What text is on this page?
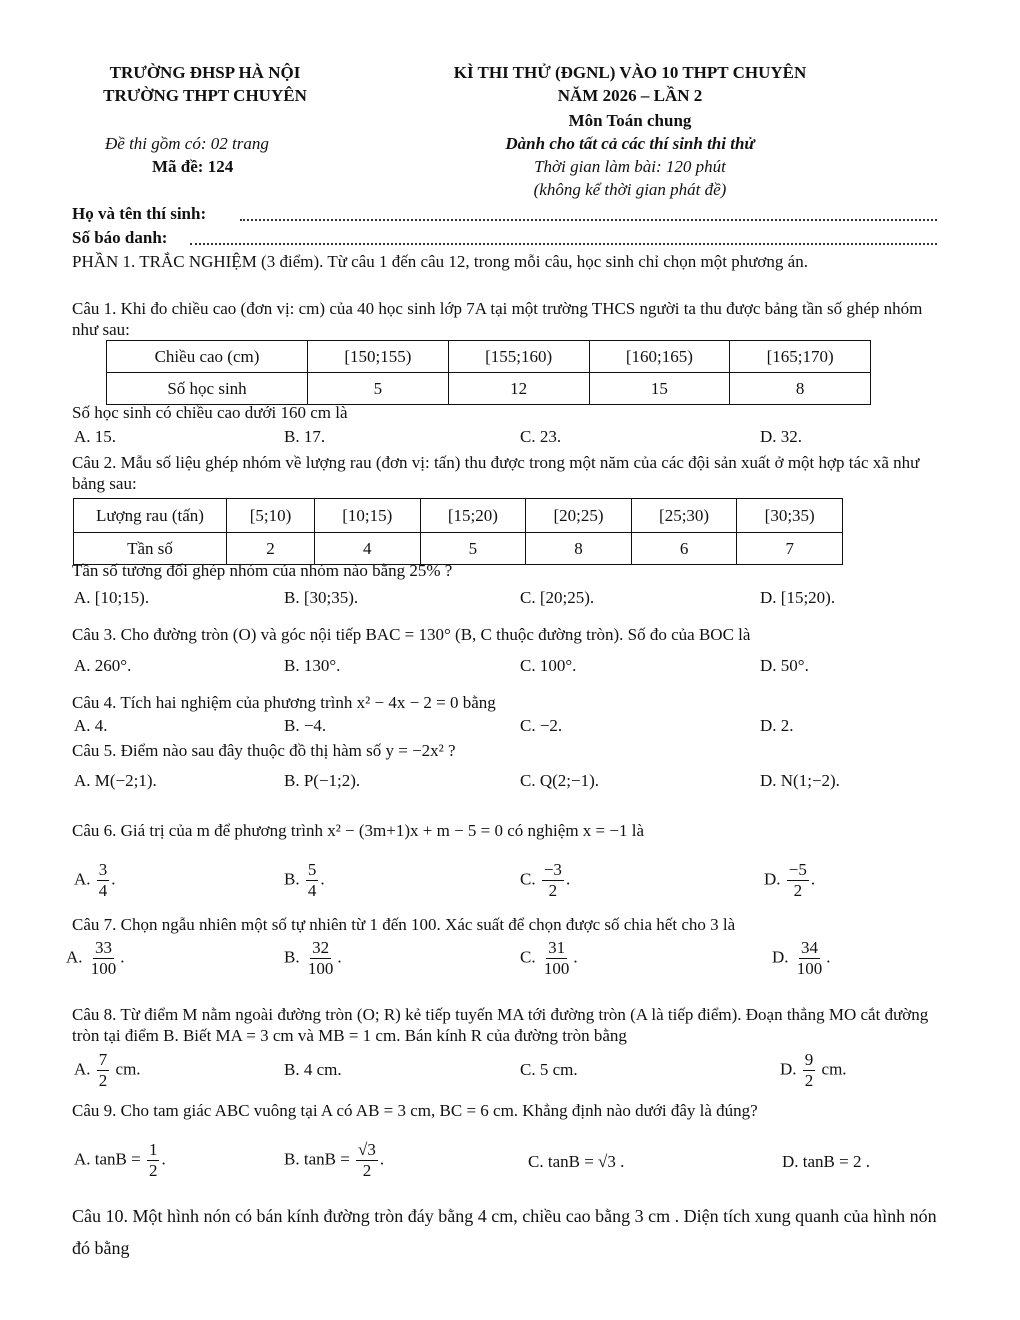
TRƯỜNG ĐHSP HÀ NỘI
TRƯỜNG THPT CHUYÊN
Đề thi gồm có: 02 trang
Mã đề: 124
KÌ THI THỬ (ĐGNL) VÀO 10 THPT CHUYÊN
NĂM 2026 – LẦN 2
Môn Toán chung
Dành cho tất cả các thí sinh thi thử
Thời gian làm bài: 120 phút
(không kể thời gian phát đề)
Họ và tên thí sinh:
Số báo danh:
PHẦN 1. TRẮC NGHIỆM (3 điểm). Từ câu 1 đến câu 12, trong mỗi câu, học sinh chỉ chọn một phương án.
Câu 1. Khi đo chiều cao (đơn vị: cm) của 40 học sinh lớp 7A tại một trường THCS người ta thu được bảng tần số ghép nhóm như sau:
Chiều cao (cm)	[150;155)	[155;160)	[160;165)	[165;170)
Số học sinh	5	12	15	8
Số học sinh có chiều cao dưới 160 cm là
A. 15.	B. 17.	C. 23.	D. 32.
Câu 2. Mẫu số liệu ghép nhóm về lượng rau (đơn vị: tấn) thu được trong một năm của các đội sản xuất ở một hợp tác xã như bảng sau:
Lượng rau (tấn)	[5;10)	[10;15)	[15;20)	[20;25)	[25;30)	[30;35)
Tần số	2	4	5	8	6	7
Tần số tương đối ghép nhóm của nhóm nào bằng 25% ?
A. [10;15).	B. [30;35).	C. [20;25).	D. [15;20).
Câu 3. Cho đường tròn (O) và góc nội tiếp BAC = 130° (B, C thuộc đường tròn). Số đo của BOC là
A. 260°.	B. 130°.	C. 100°.	D. 50°.
Câu 4. Tích hai nghiệm của phương trình x² − 4x − 2 = 0 bằng
A. 4.	B. −4.	C. −2.	D. 2.
Câu 5. Điểm nào sau đây thuộc đồ thị hàm số y = −2x² ?
A. M(−2;1).	B. P(−1;2).	C. Q(2;−1).	D. N(1;−2).
Câu 6. Giá trị của m để phương trình x² − (3m+1)x + m − 5 = 0 có nghiệm x = −1 là
A. $\frac{3}{4}$ .	B. $\frac{5}{4}$ .	C. $\frac{-3}{2}$ .	D. $\frac{-5}{2}$ .
Câu 7. Chọn ngẫu nhiên một số tự nhiên từ 1 đến 100. Xác suất để chọn được số chia hết cho 3 là
A. $\frac{33}{100}$ .	B. $\frac{32}{100}$ .	C. $\frac{31}{100}$ .	D. $\frac{34}{100}$ .
Câu 8. Từ điểm M nằm ngoài đường tròn (O; R) kẻ tiếp tuyến MA tới đường tròn (A là tiếp điểm). Đoạn thẳng MO cắt đường tròn tại điểm B. Biết MA = 3 cm và MB = 1 cm. Bán kính R của đường tròn bằng
A. $\frac{7}{2}$ cm.	B. 4 cm.	C. 5 cm.	D. $\frac{9}{2}$ cm.
Câu 9. Cho tam giác ABC vuông tại A có AB = 3 cm, BC = 6 cm. Khẳng định nào dưới đây là đúng?
A. $\tan B = \frac{1}{2}$ .	B. $\tan B = \frac{√3}{2}$ .	C. tanB = √3 .	D. tanB = 2 .
Câu 10. Một hình nón có bán kính đường tròn đáy bằng 4 cm, chiều cao bằng 3 cm . Diện tích xung quanh của hình nón đó bằng
